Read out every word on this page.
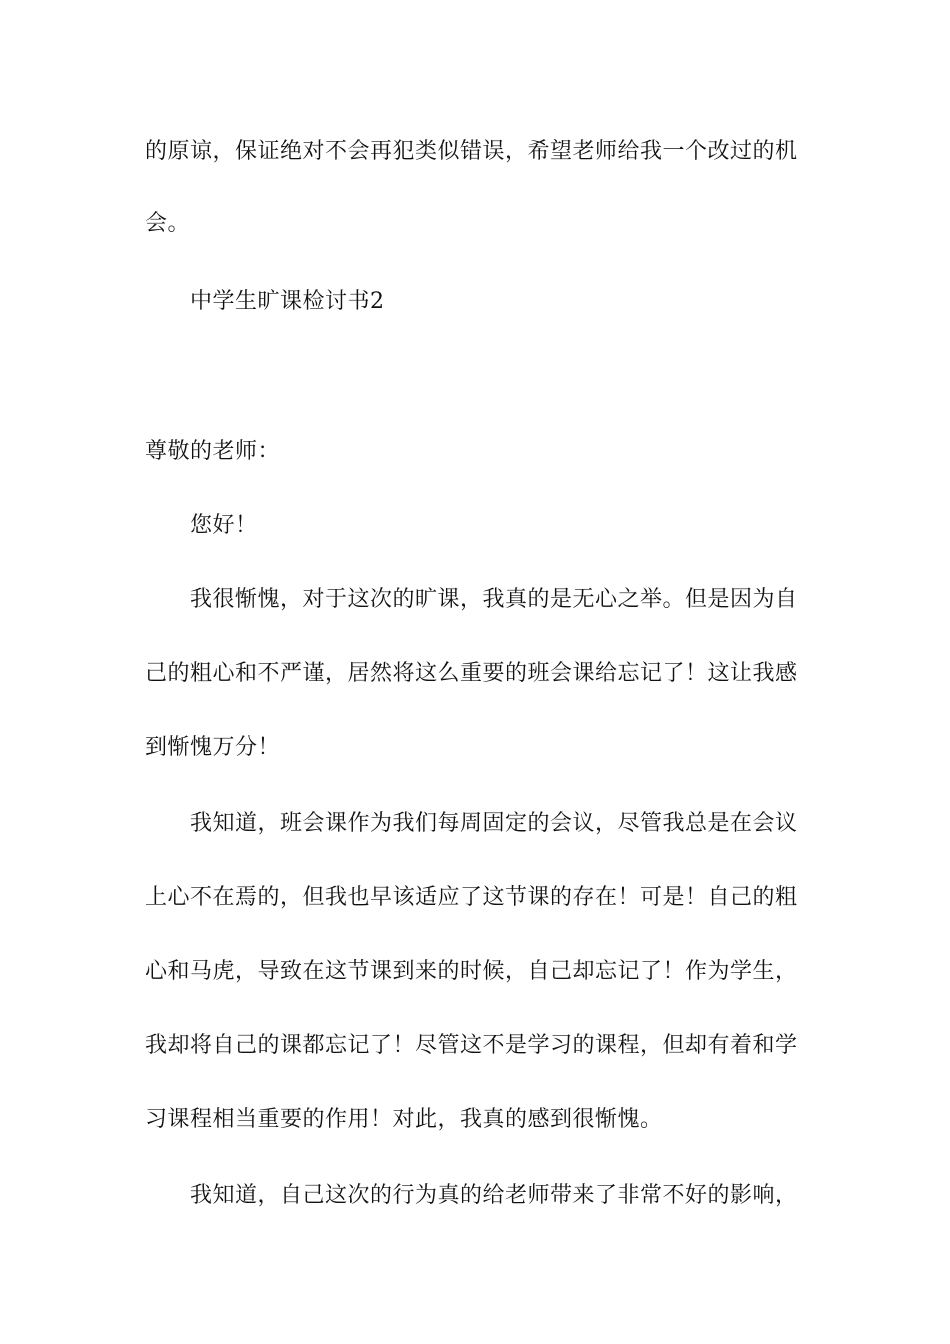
的原谅，保证绝对不会再犯类似错误，希望老师给我一个改过的机
会。
中学生旷课检讨书2
尊敬的老师：
您好！
我很惭愧，对于这次的旷课，我真的是无心之举。但是因为自
己的粗心和不严谨，居然将这么重要的班会课给忘记了！这让我感
到惭愧万分！
我知道，班会课作为我们每周固定的会议，尽管我总是在会议
上心不在焉的，但我也早该适应了这节课的存在！可是！自己的粗
心和马虎，导致在这节课到来的时候，自己却忘记了！作为学生，
我却将自己的课都忘记了！尽管这不是学习的课程，但却有着和学
习课程相当重要的作用！对此，我真的感到很惭愧。
我知道，自己这次的行为真的给老师带来了非常不好的影响，
